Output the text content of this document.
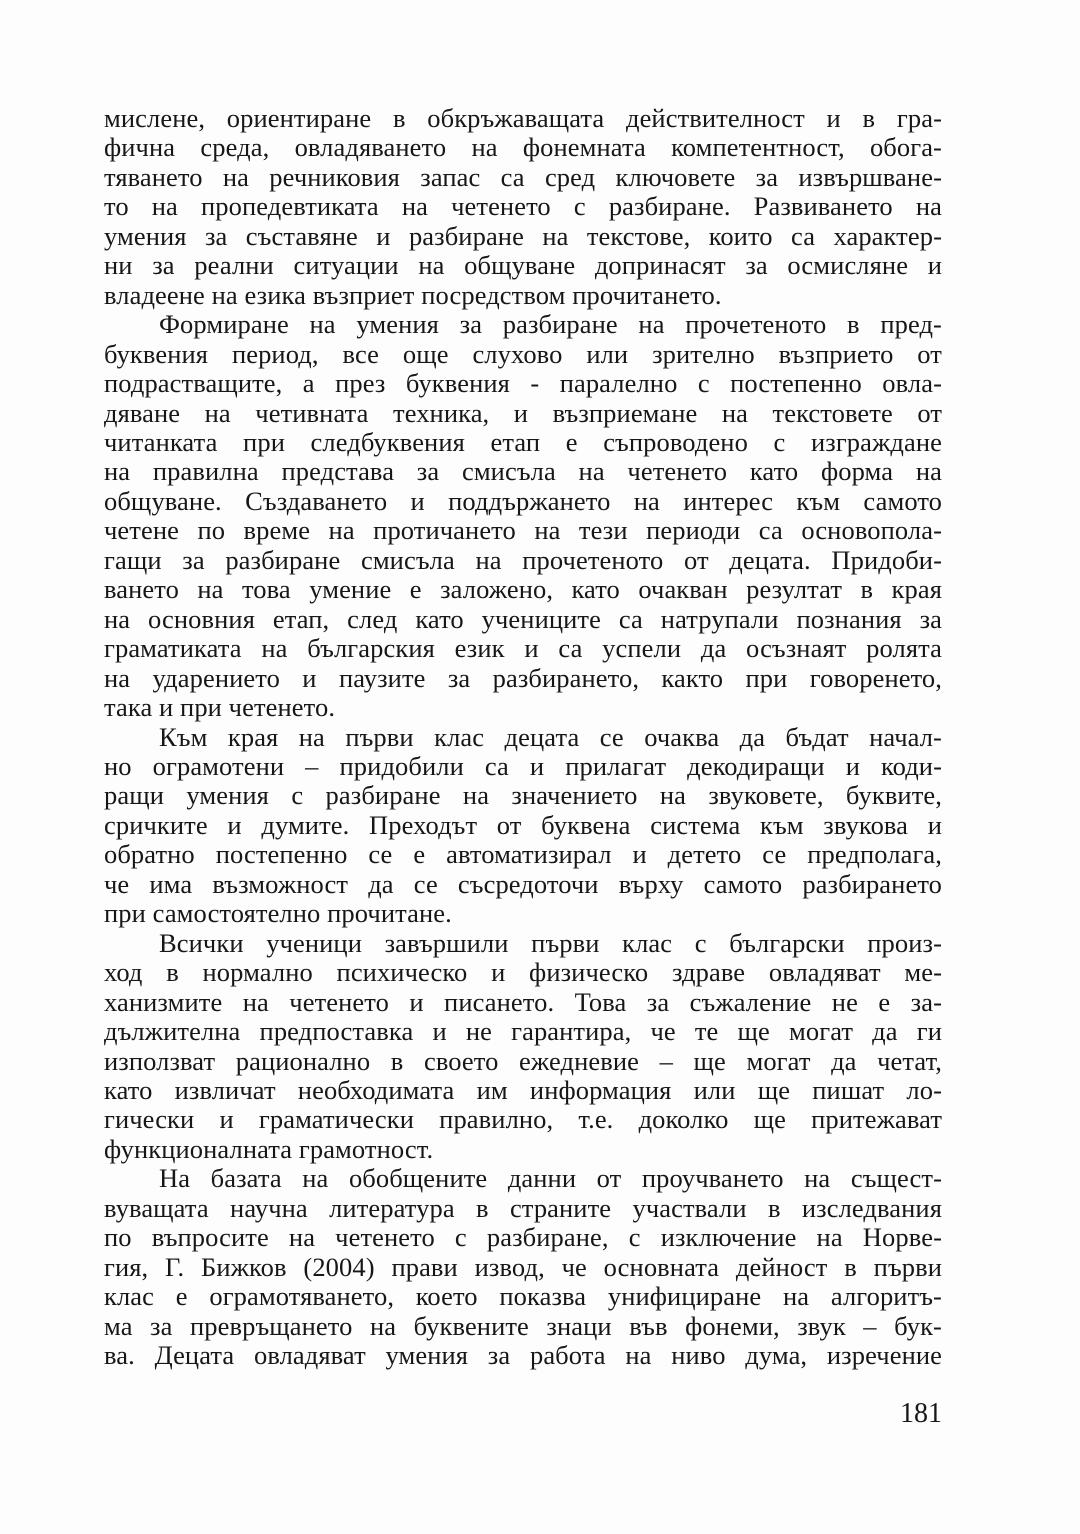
мислене, ориентиране в обкръжаващата действителност и в гра-
фична среда, овладяването на фонемната компетентност, обога-
тяването на речниковия запас са сред ключовете за извършване-
то на пропедевтиката на четенето с разбиране. Развиването на
умения за съставяне и разбиране на текстове, които са характер-
ни за реални ситуации на общуване допринасят за осмисляне и
владеене на езика възприет посредством прочитането.
Формиране на умения за разбиране на прочетеното в пред-
буквения период, все още слухово или зрително възприето от
подрастващите, а през буквения - паралелно с постепенно овла-
дяване на четивната техника, и възприемане на текстовете от
читанката при следбуквения етап е съпроводено с изграждане
на правилна представа за смисъла на четенето като форма на
общуване. Създаването и поддържането на интерес към самото
четене по време на протичането на тези периоди са основопола-
гащи за разбиране смисъла на прочетеното от децата. Придоби-
ването на това умение е заложено, като очакван резултат в края
на основния етап, след като учениците са натрупали познания за
граматиката на българския език и са успели да осъзнаят ролята
на ударението и паузите за разбирането, както при говоренето,
така и при четенето.
Към края на първи клас децата се очаква да бъдат начал-
но ограмотени – придобили са и прилагат декодиращи и коди-
ращи умения с разбиране на значението на звуковете, буквите,
сричките и думите. Преходът от буквена система към звукова и
обратно постепенно се е автоматизирал и детето се предполага,
че има възможност да се съсредоточи върху самото разбирането
при самостоятелно прочитане.
Всички ученици завършили първи клас с български произ-
ход в нормално психическо и физическо здраве овладяват ме-
ханизмите на четенето и писането. Това за съжаление не е за-
дължителна предпоставка и не гарантира, че те ще могат да ги
използват рационално в своето ежедневие – ще могат да четат,
като извличат необходимата им информация или ще пишат ло-
гически и граматически правилно, т.е. доколко ще притежават
функционалната грамотност.
На базата на обобщените данни от проучването на същест-
вуващата научна литература в страните участвали в изследвания
по въпросите на четенето с разбиране, с изключение на Норве-
гия, Г. Бижков (2004) прави извод, че основната дейност в първи
клас е ограмотяването, което показва унифициране на алгоритъ-
ма за превръщането на буквените знаци във фонеми, звук – бук-
ва. Децата овладяват умения за работа на ниво дума, изречение
181
